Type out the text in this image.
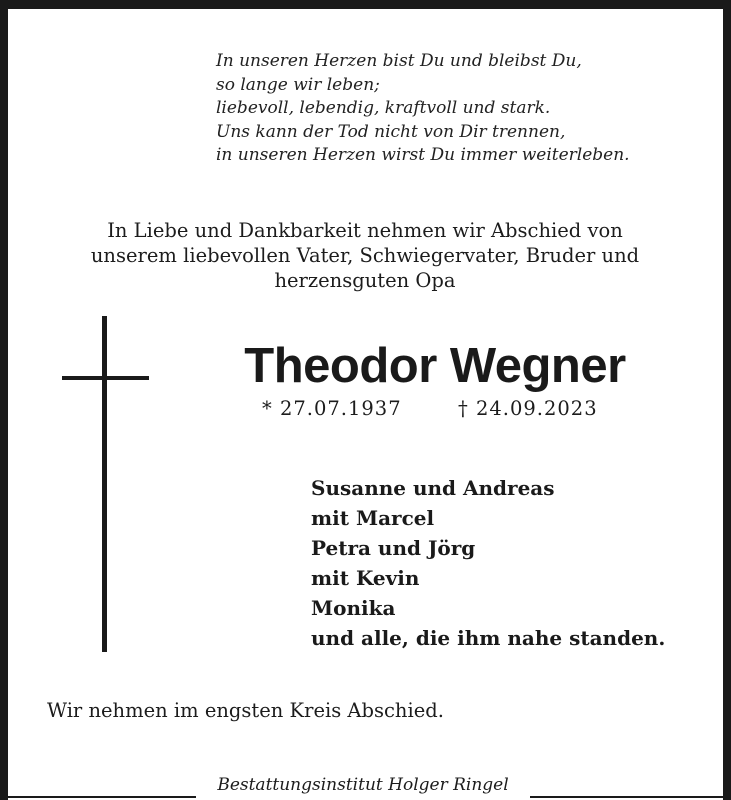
In unseren Herzen bist Du und bleibst Du,
so lange wir leben;
liebevoll, lebendig, kraftvoll und stark.
Uns kann der Tod nicht von Dir trennen,
in unseren Herzen wirst Du immer weiterleben.
In Liebe und Dankbarkeit nehmen wir Abschied von
unserem liebevollen Vater, Schwiegervater, Bruder und
herzensguten Opa
Theodor Wegner
* 27.07.1937	† 24.09.2023
Susanne und Andreas
mit Marcel
Petra und Jörg
mit Kevin
Monika
und alle, die ihm nahe standen.
Wir nehmen im engsten Kreis Abschied.
Bestattungsinstitut Holger Ringel
